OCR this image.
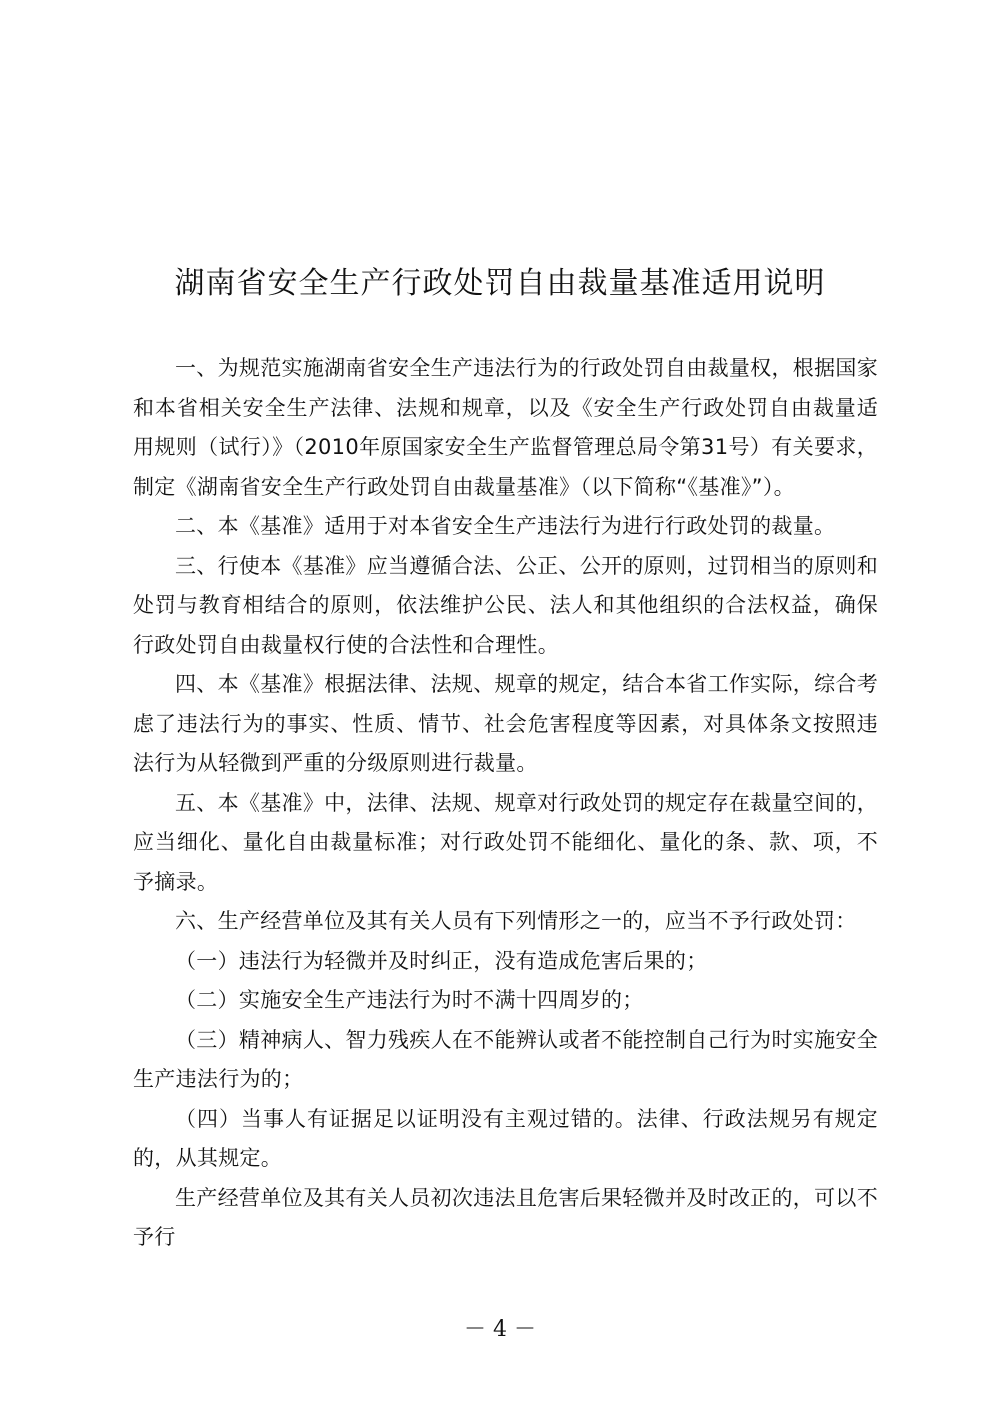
湖南省安全生产行政处罚自由裁量基准适用说明

一、为规范实施湖南省安全生产违法行为的行政处罚自由裁量权，根据国家和本省相关安全生产法律、法规和规章，以及《安全生产行政处罚自由裁量适用规则（试行）》（2010年原国家安全生产监督管理总局令第31号）有关要求，制定《湖南省安全生产行政处罚自由裁量基准》（以下简称“《基准》”）。

二、本《基准》适用于对本省安全生产违法行为进行行政处罚的裁量。

三、行使本《基准》应当遵循合法、公正、公开的原则，过罚相当的原则和处罚与教育相结合的原则，依法维护公民、法人和其他组织的合法权益，确保行政处罚自由裁量权行使的合法性和合理性。

四、本《基准》根据法律、法规、规章的规定，结合本省工作实际，综合考虑了违法行为的事实、性质、情节、社会危害程度等因素，对具体条文按照违法行为从轻微到严重的分级原则进行裁量。

五、本《基准》中，法律、法规、规章对行政处罚的规定存在裁量空间的，应当细化、量化自由裁量标准；对行政处罚不能细化、量化的条、款、项，不予摘录。

六、生产经营单位及其有关人员有下列情形之一的，应当不予行政处罚：

（一）违法行为轻微并及时纠正，没有造成危害后果的；

（二）实施安全生产违法行为时不满十四周岁的；

（三）精神病人、智力残疾人在不能辨认或者不能控制自己行为时实施安全生产违法行为的；

（四）当事人有证据足以证明没有主观过错的。法律、行政法规另有规定的，从其规定。

生产经营单位及其有关人员初次违法且危害后果轻微并及时改正的，可以不予行

－ 4 －
